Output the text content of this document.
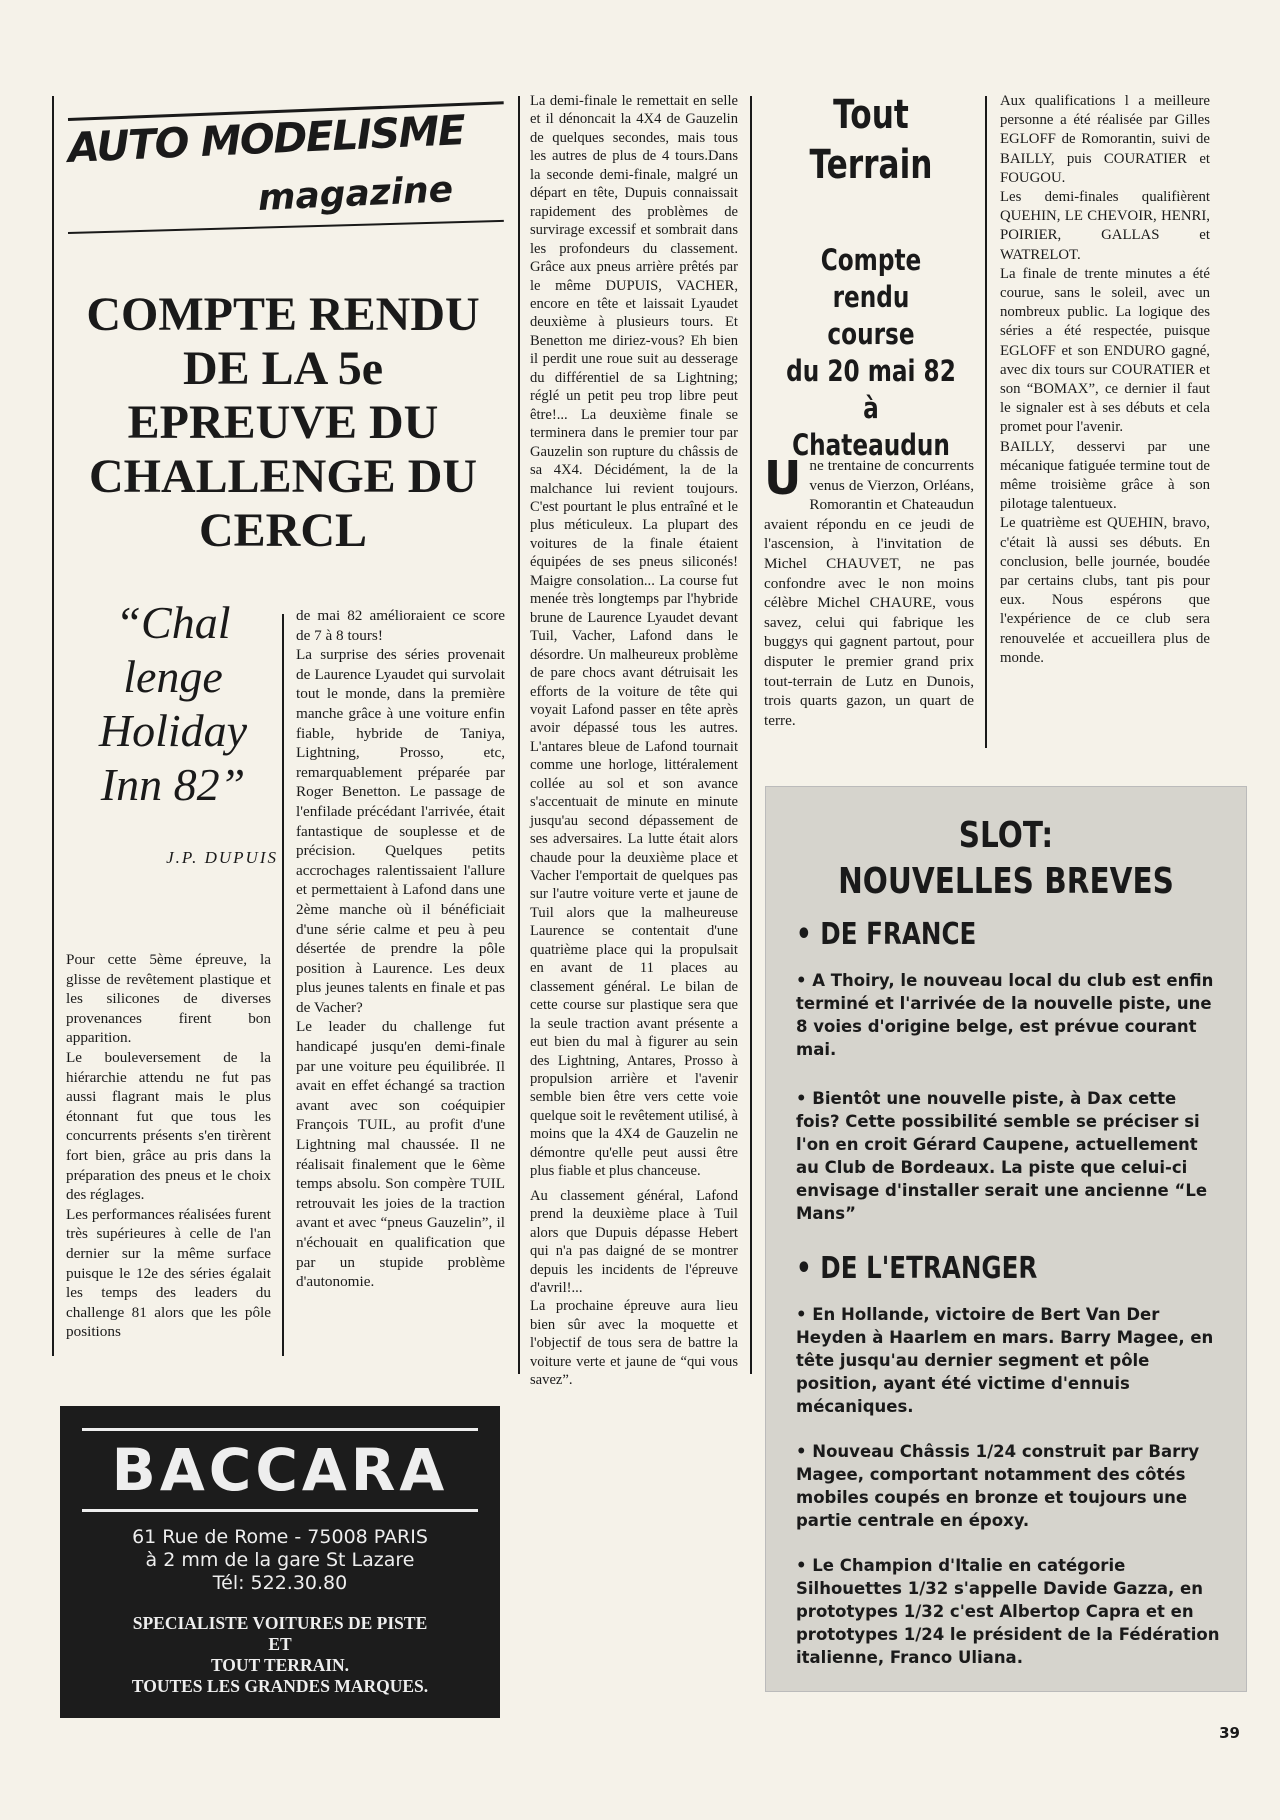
AUTO MODELISME
magazine
COMPTE RENDU
DE LA 5e
EPREUVE DU
CHALLENGE DU
CERCL
“Chal
lenge
Holiday
Inn 82”
J.P. DUPUIS

Pour cette 5ème épreuve, la glisse de revêtement plastique et les silicones de diverses provenances firent bon apparition.

Le bouleversement de la hiérarchie attendu ne fut pas aussi flagrant mais le plus étonnant fut que tous les concurrents présents s'en tirèrent fort bien, grâce au pris dans la préparation des pneus et le choix des réglages.

Les performances réalisées furent très supérieures à celle de l'an dernier sur la même surface puisque le 12e des séries égalait les temps des leaders du challenge 81 alors que les pôle positions

de mai 82 amélioraient ce score de 7 à 8 tours!

La surprise des séries provenait de Laurence Lyaudet qui survolait tout le monde, dans la première manche grâce à une voiture enfin fiable, hybride de Taniya, Lightning, Prosso, etc, remarquablement préparée par Roger Benetton. Le passage de l'enfilade précédant l'arrivée, était fantastique de souplesse et de précision. Quelques petits accrochages ralentissaient l'allure et permettaient à Lafond dans une 2ème manche où il bénéficiait d'une série calme et peu à peu désertée de prendre la pôle position à Laurence. Les deux plus jeunes talents en finale et pas de Vacher?

Le leader du challenge fut handicapé jusqu'en demi-finale par une voiture peu équilibrée. Il avait en effet échangé sa traction avant avec son coéquipier François TUIL, au profit d'une Lightning mal chaussée. Il ne réalisait finalement que le 6ème temps absolu. Son compère TUIL retrouvait les joies de la traction avant et avec “pneus Gauzelin”, il n'échouait en qualification que par un stupide problème d'autonomie.

La demi-finale le remettait en selle et il dénoncait la 4X4 de Gauzelin de quelques secondes, mais tous les autres de plus de 4 tours.Dans la seconde demi-finale, malgré un départ en tête, Dupuis connaissait rapidement des problèmes de survirage excessif et sombrait dans les profondeurs du classement. Grâce aux pneus arrière prêtés par le même DUPUIS, VACHER, encore en tête et laissait Lyaudet deuxième à plusieurs tours. Et Benetton me diriez-vous? Eh bien il perdit une roue suit au desserage du différentiel de sa Lightning; réglé un petit peu trop libre peut être!... La deuxième finale se terminera dans le premier tour par Gauzelin son rupture du châssis de sa 4X4. Décidément, la de la malchance lui revient toujours. C'est pourtant le plus entraîné et le plus méticuleux. La plupart des voitures de la finale étaient équipées de ses pneus siliconés! Maigre consolation... La course fut menée très longtemps par l'hybride brune de Laurence Lyaudet devant Tuil, Vacher, Lafond dans le désordre. Un malheureux problème de pare chocs avant détruisait les efforts de la voiture de tête qui voyait Lafond passer en tête après avoir dépassé tous les autres. L'antares bleue de Lafond tournait comme une horloge, littéralement collée au sol et son avance s'accentuait de minute en minute jusqu'au second dépassement de ses adversaires. La lutte était alors chaude pour la deuxième place et Vacher l'emportait de quelques pas sur l'autre voiture verte et jaune de Tuil alors que la malheureuse Laurence se contentait d'une quatrième place qui la propulsait en avant de 11 places au classement général. Le bilan de cette course sur plastique sera que la seule traction avant présente a eut bien du mal à figurer au sein des Lightning, Antares, Prosso à propulsion arrière et l'avenir semble bien être vers cette voie quelque soit le revêtement utilisé, à moins que la 4X4 de Gauzelin ne démontre qu'elle peut aussi être plus fiable et plus chanceuse.

Au classement général, Lafond prend la deuxième place à Tuil alors que Dupuis dépasse Hebert qui n'a pas daigné de se montrer depuis les incidents de l'épreuve d'avril!...

La prochaine épreuve aura lieu bien sûr avec la moquette et l'objectif de tous sera de battre la voiture verte et jaune de “qui vous savez”.

Tout
Terrain
Compte rendu
course
du 20 mai 82
à Chateaudun
U ne trentaine de concurrents venus de Vierzon, Orléans, Romorantin et Chateaudun avaient répondu en ce jeudi de l'ascension, à l'invitation de Michel CHAUVET, ne pas confondre avec le non moins célèbre Michel CHAURE, vous savez, celui qui fabrique les buggys qui gagnent partout, pour disputer le premier grand prix tout-terrain de Lutz en Dunois, trois quarts gazon, un quart de terre.

Aux qualifications l a meilleure personne a été réalisée par Gilles EGLOFF de Romorantin, suivi de BAILLY, puis COURATIER et FOUGOU.

Les demi-finales qualifièrent QUEHIN, LE CHEVOIR, HENRI, POIRIER, GALLAS et WATRELOT.

La finale de trente minutes a été courue, sans le soleil, avec un nombreux public. La logique des séries a été respectée, puisque EGLOFF et son ENDURO gagné, avec dix tours sur COURATIER et son “BOMAX”, ce dernier il faut le signaler est à ses débuts et cela promet pour l'avenir.

BAILLY, desservi par une mécanique fatiguée termine tout de même troisième grâce à son pilotage talentueux.

Le quatrième est QUEHIN, bravo, c'était là aussi ses débuts. En conclusion, belle journée, boudée par certains clubs, tant pis pour eux. Nous espérons que l'expérience de ce club sera renouvelée et accueillera plus de monde.

BACCARA
61 Rue de Rome - 75008 PARIS
à 2 mm de la gare St Lazare
Tél: 522.30.80
SPECIALISTE VOITURES DE PISTE
ET
TOUT TERRAIN.
TOUTES LES GRANDES MARQUES.
SLOT:
NOUVELLES BREVES
• DE FRANCE
• A Thoiry, le nouveau local du club est enfin terminé et l'arrivée de la nouvelle piste, une 8 voies d'origine belge, est prévue courant mai.
• Bientôt une nouvelle piste, à Dax cette fois? Cette possibilité semble se préciser si l'on en croit Gérard Caupene, actuellement au Club de Bordeaux. La piste que celui-ci envisage d'installer serait une ancienne “Le Mans”
• DE L'ETRANGER
• En Hollande, victoire de Bert Van Der Heyden à Haarlem en mars. Barry Magee, en tête jusqu'au dernier segment et pôle position, ayant été victime d'ennuis mécaniques.
• Nouveau Châssis 1/24 construit par Barry Magee, comportant notamment des côtés mobiles coupés en bronze et toujours une partie centrale en époxy.
• Le Champion d'Italie en catégorie Silhouettes 1/32 s'appelle Davide Gazza, en prototypes 1/32 c'est Albertop Capra et en prototypes 1/24 le président de la Fédération italienne, Franco Uliana.
39
